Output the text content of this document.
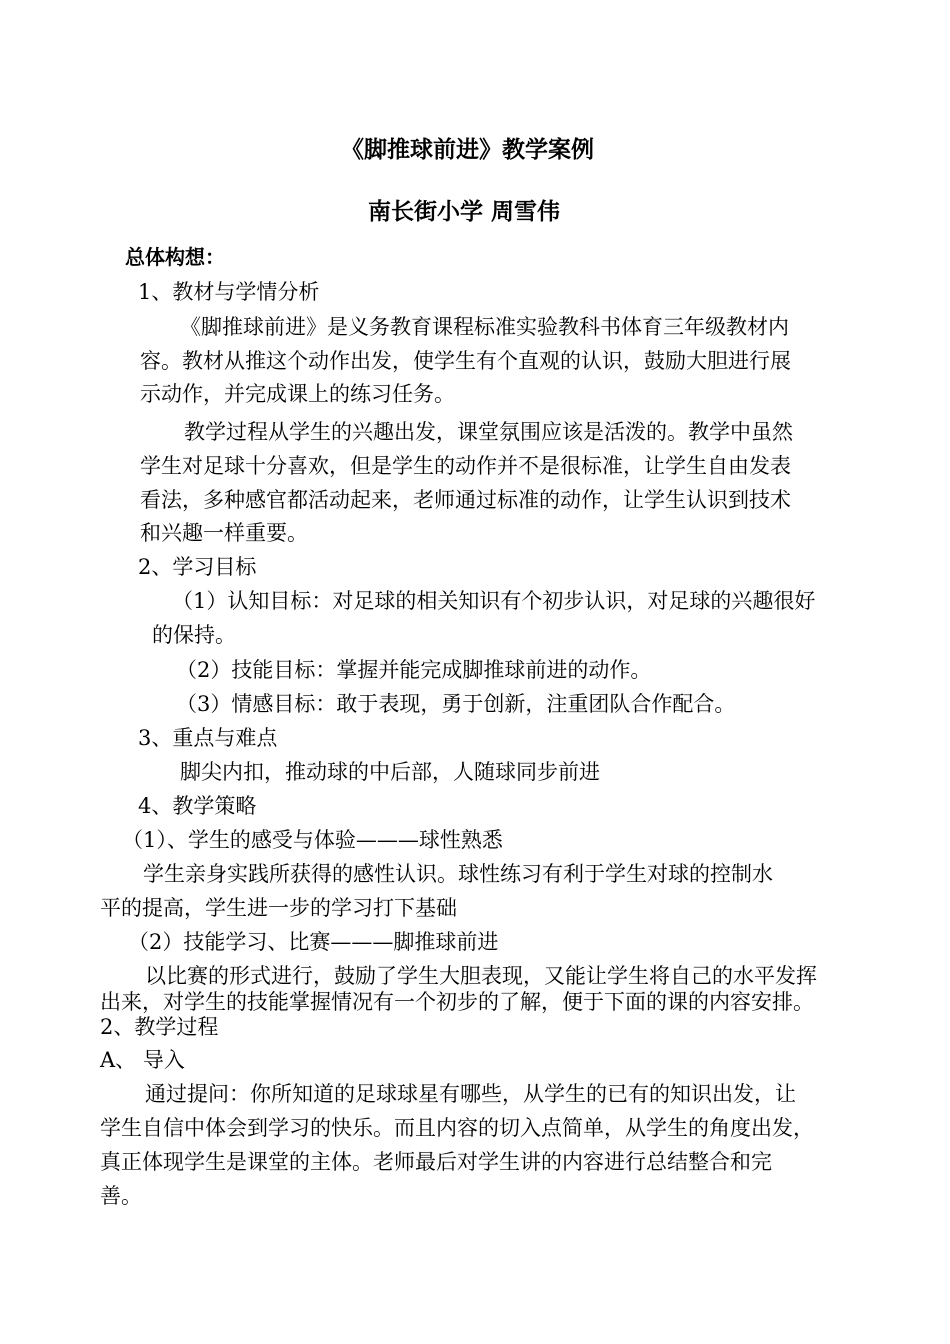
《脚推球前进》教学案例
南长街小学 周雪伟
总体构想：
1、教材与学情分析
《脚推球前进》是义务教育课程标准实验教科书体育三年级教材内
容。教材从推这个动作出发，使学生有个直观的认识，鼓励大胆进行展
示动作，并完成课上的练习任务。
教学过程从学生的兴趣出发，课堂氛围应该是活泼的。教学中虽然
学生对足球十分喜欢，但是学生的动作并不是很标准，让学生自由发表
看法，多种感官都活动起来，老师通过标准的动作，让学生认识到技术
和兴趣一样重要。
2、学习目标
（1）认知目标：对足球的相关知识有个初步认识，对足球的兴趣很好
的保持。
（2）技能目标：掌握并能完成脚推球前进的动作。
（3）情感目标：敢于表现，勇于创新，注重团队合作配合。
3、重点与难点
脚尖内扣，推动球的中后部，人随球同步前进
4、教学策略
（1）、学生的感受与体验———球性熟悉
学生亲身实践所获得的感性认识。球性练习有利于学生对球的控制水
平的提高，学生进一步的学习打下基础
（2）技能学习、比赛———脚推球前进
以比赛的形式进行，鼓励了学生大胆表现，又能让学生将自己的水平发挥
出来，对学生的技能掌握情况有一个初步的了解，便于下面的课的内容安排。
2、教学过程
A、 导入
通过提问：你所知道的足球球星有哪些，从学生的已有的知识出发，让
学生自信中体会到学习的快乐。而且内容的切入点简单，从学生的角度出发，
真正体现学生是课堂的主体。老师最后对学生讲的内容进行总结整合和完
善。
